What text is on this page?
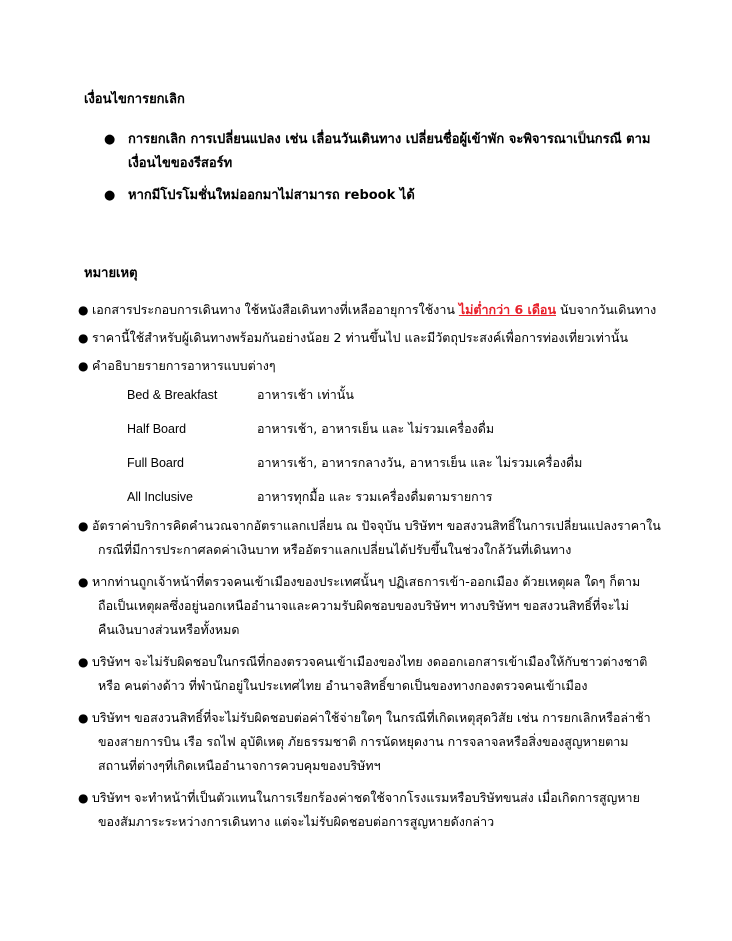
เงื่อนไขการยกเลิก
● การยกเลิก การเปลี่ยนแปลง เช่น เลื่อนวันเดินทาง เปลี่ยนชื่อผู้เข้าพัก จะพิจารณาเป็นกรณี ตามเงื่อนไขของรีสอร์ท
● หากมีโปรโมชั่นใหม่ออกมาไม่สามารถ rebook ได้
หมายเหตุ
● เอกสารประกอบการเดินทาง ใช้หนังสือเดินทางที่เหลืออายุการใช้งาน ไม่ต่ำกว่า 6 เดือน นับจากวันเดินทาง
● ราคานี้ใช้สำหรับผู้เดินทางพร้อมกันอย่างน้อย 2 ท่านขึ้นไป และมีวัตถุประสงค์เพื่อการท่องเที่ยวเท่านั้น
● คำอธิบายรายการอาหารแบบต่างๆ
Bed & Breakfast	อาหารเช้า เท่านั้น
Half Board	อาหารเช้า, อาหารเย็น และ ไม่รวมเครื่องดื่ม
Full Board	อาหารเช้า, อาหารกลางวัน, อาหารเย็น และ ไม่รวมเครื่องดื่ม
All Inclusive	อาหารทุกมื้อ และ รวมเครื่องดื่มตามรายการ
● อัตราค่าบริการคิดคำนวณจากอัตราแลกเปลี่ยน ณ ปัจจุบัน บริษัทฯ ขอสงวนสิทธิ์ในการเปลี่ยนแปลงราคาใน
กรณีที่มีการประกาศลดค่าเงินบาท หรืออัตราแลกเปลี่ยนได้ปรับขึ้นในช่วงใกล้วันที่เดินทาง
● หากท่านถูกเจ้าหน้าที่ตรวจคนเข้าเมืองของประเทศนั้นๆ ปฏิเสธการเข้า-ออกเมือง ด้วยเหตุผล ใดๆ ก็ตาม
ถือเป็นเหตุผลซึ่งอยู่นอกเหนืออำนาจและความรับผิดชอบของบริษัทฯ ทางบริษัทฯ ขอสงวนสิทธิ์ที่จะไม่
คืนเงินบางส่วนหรือทั้งหมด
● บริษัทฯ จะไม่รับผิดชอบในกรณีที่กองตรวจคนเข้าเมืองของไทย งดออกเอกสารเข้าเมืองให้กับชาวต่างชาติ
หรือ คนต่างด้าว ที่พำนักอยู่ในประเทศไทย อำนาจสิทธิ์ขาดเป็นของทางกองตรวจคนเข้าเมือง
● บริษัทฯ ขอสงวนสิทธิ์ที่จะไม่รับผิดชอบต่อค่าใช้จ่ายใดๆ ในกรณีที่เกิดเหตุสุดวิสัย เช่น การยกเลิกหรือล่าช้า
ของสายการบิน เรือ รถไฟ อุบัติเหตุ ภัยธรรมชาติ การนัดหยุดงาน การจลาจลหรือสิ่งของสูญหายตาม
สถานที่ต่างๆที่เกิดเหนืออำนาจการควบคุมของบริษัทฯ
● บริษัทฯ จะทำหน้าที่เป็นตัวแทนในการเรียกร้องค่าชดใช้จากโรงแรมหรือบริษัทขนส่ง เมื่อเกิดการสูญหาย
ของสัมภาระระหว่างการเดินทาง แต่จะไม่รับผิดชอบต่อการสูญหายดังกล่าว
